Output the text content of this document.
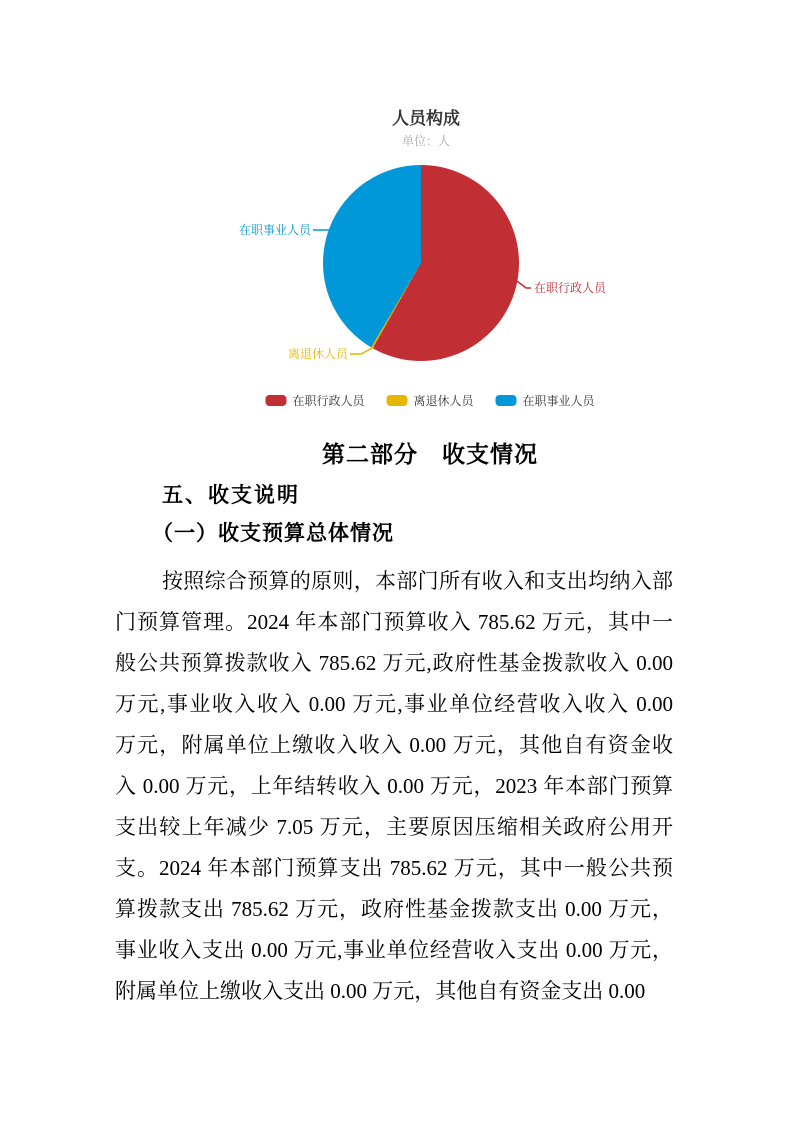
人员构成
单位：人
在职事业人员
离退休人员
在职行政人员
在职行政人员	离退休人员	在职事业人员
第二部分　收支情况
五、收支说明
（一）收支预算总体情况
按照综合预算的原则，本部门所有收入和支出均纳入部
门预算管理。2024 年本部门预算收入 785.62 万元，其中一
般公共预算拨款收入 785.62 万元,政府性基金拨款收入 0.00
万元,事业收入收入 0.00 万元,事业单位经营收入收入 0.00
万元，附属单位上缴收入收入 0.00 万元，其他自有资金收
入 0.00 万元，上年结转收入 0.00 万元，2023 年本部门预算
支出较上年减少 7.05 万元，主要原因压缩相关政府公用开
支。2024 年本部门预算支出 785.62 万元，其中一般公共预
算拨款支出 785.62 万元，政府性基金拨款支出 0.00 万元，
事业收入支出 0.00 万元,事业单位经营收入支出 0.00 万元，
附属单位上缴收入支出 0.00 万元，其他自有资金支出 0.00
